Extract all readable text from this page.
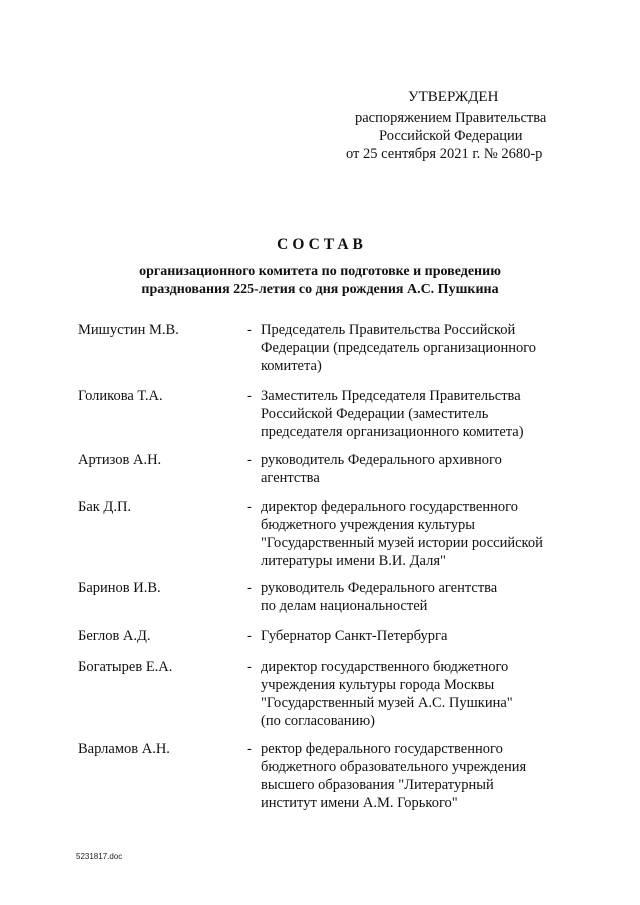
УТВЕРЖДЕН
распоряжением Правительства
Российской Федерации
от 25 сентября 2021 г. № 2680-р
СОСТАВ
организационного комитета по подготовке и проведению
празднования 225-летия со дня рождения А.С. Пушкина
Мишустин М.В.	- Председатель Правительства Российской
Федерации (председатель организационного
комитета)
Голикова Т.А.	- Заместитель Председателя Правительства
Российской Федерации (заместитель
председателя организационного комитета)
Артизов А.Н.	- руководитель Федерального архивного
агентства
Бак Д.П.	- директор федерального государственного
бюджетного учреждения культуры
"Государственный музей истории российской
литературы имени В.И. Даля"
Баринов И.В.	- руководитель Федерального агентства
по делам национальностей
Беглов А.Д.	- Губернатор Санкт-Петербурга
Богатырев Е.А.	- директор государственного бюджетного
учреждения культуры города Москвы
"Государственный музей А.С. Пушкина"
(по согласованию)
Варламов А.Н.	- ректор федерального государственного
бюджетного образовательного учреждения
высшего образования "Литературный
институт имени А.М. Горького"
5231817.doc
